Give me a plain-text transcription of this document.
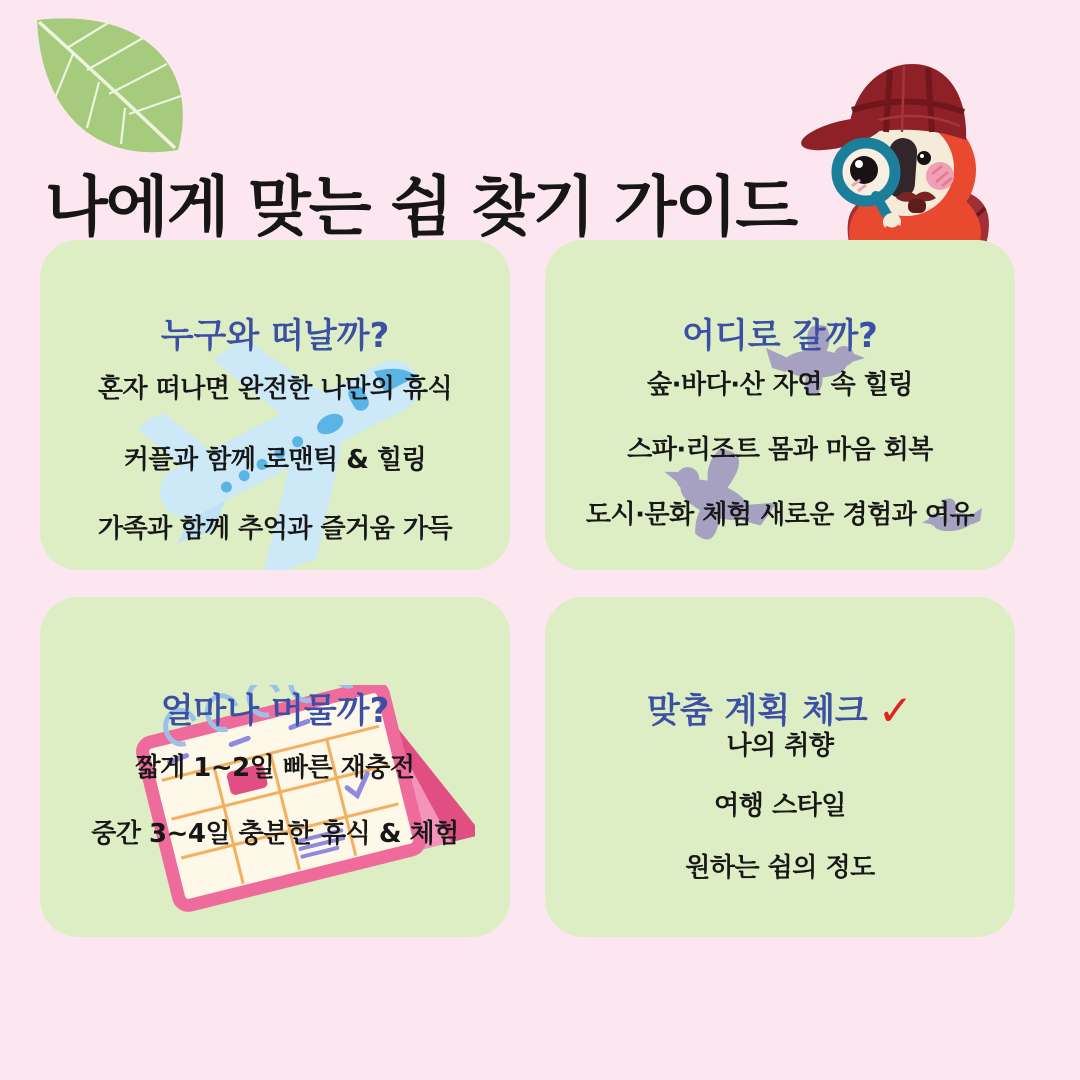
나에게 맞는 쉼 찾기 가이드
누구와 떠날까?
혼자 떠나면 완전한 나만의 휴식
커플과 함께 로맨틱 & 힐링
가족과 함께 추억과 즐거움 가득
어디로 갈까?
숲·바다·산 자연 속 힐링
스파·리조트 몸과 마음 회복
도시·문화 체험 새로운 경험과 여유
얼마나 머물까?
짧게 1~2일 빠른 재충전
중간 3~4일 충분한 휴식 & 체험
맞춤 계획 체크 ✓
나의 취향
여행 스타일
원하는 쉼의 정도
